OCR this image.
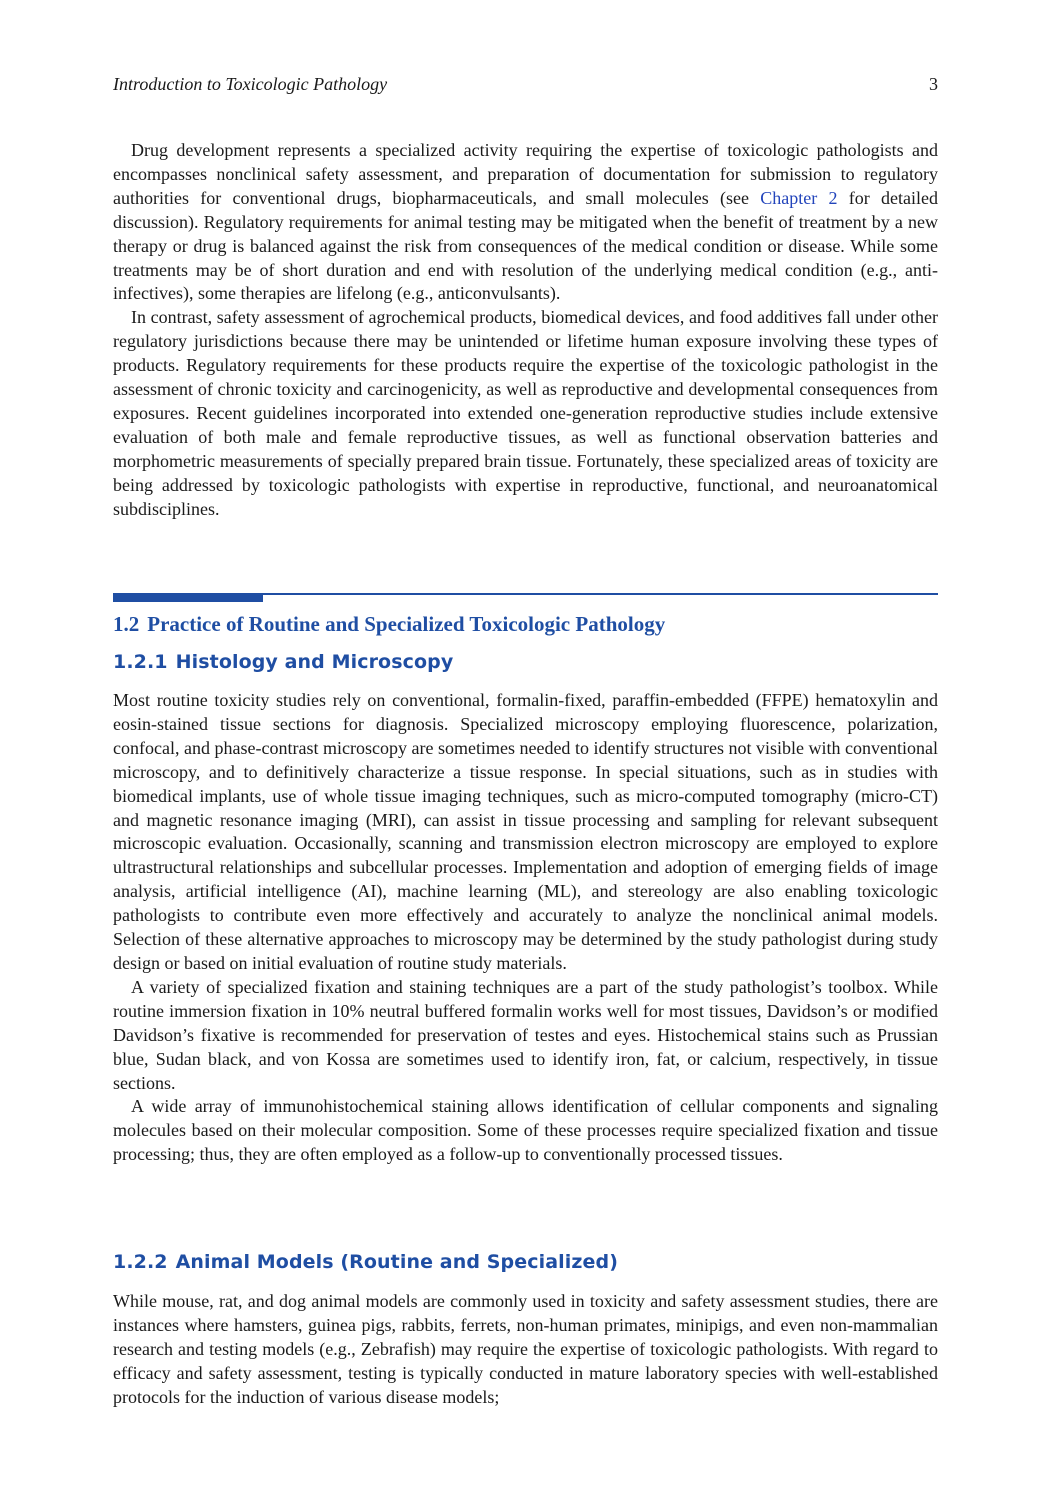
Introduction to Toxicologic Pathology	3

Drug development represents a specialized activity requiring the expertise of toxicologic pathologists and encompasses nonclinical safety assessment, and preparation of documentation for submission to regulatory authorities for conventional drugs, biopharmaceuticals, and small molecules (see Chapter 2 for detailed discussion). Regulatory requirements for animal testing may be mitigated when the benefit of treatment by a new therapy or drug is balanced against the risk from consequences of the medical condition or disease. While some treatments may be of short duration and end with resolution of the underlying medical condition (e.g., anti-infectives), some therapies are lifelong (e.g., anticonvulsants).

In contrast, safety assessment of agrochemical products, biomedical devices, and food additives fall under other regulatory jurisdictions because there may be unintended or lifetime human exposure involving these types of products. Regulatory requirements for these products require the expertise of the toxicologic pathologist in the assessment of chronic toxicity and carcinogenicity, as well as reproductive and developmental consequences from exposures. Recent guidelines incorporated into extended one-generation reproductive studies include extensive evaluation of both male and female reproductive tissues, as well as functional observation batteries and morphometric measurements of specially prepared brain tissue. Fortunately, these specialized areas of toxicity are being addressed by toxicologic pathologists with expertise in reproductive, functional, and neuroanatomical subdisciplines.

1.2 Practice of Routine and Specialized Toxicologic Pathology
1.2.1 Histology and Microscopy

Most routine toxicity studies rely on conventional, formalin-fixed, paraffin-embedded (FFPE) hematoxylin and eosin-stained tissue sections for diagnosis. Specialized microscopy employing fluorescence, polarization, confocal, and phase-contrast microscopy are sometimes needed to identify structures not visible with conventional microscopy, and to definitively characterize a tissue response. In special situations, such as in studies with biomedical implants, use of whole tissue imaging techniques, such as micro-computed tomography (micro-CT) and magnetic resonance imaging (MRI), can assist in tissue processing and sampling for relevant subsequent microscopic evaluation. Occasionally, scanning and transmission electron microscopy are employed to explore ultrastructural relationships and subcellular processes. Implementation and adoption of emerging fields of image analysis, artificial intelligence (AI), machine learning (ML), and stereology are also enabling toxicologic pathologists to contribute even more effectively and accurately to analyze the nonclinical animal models. Selection of these alternative approaches to microscopy may be determined by the study pathologist during study design or based on initial evaluation of routine study materials.

A variety of specialized fixation and staining techniques are a part of the study pathologist’s toolbox. While routine immersion fixation in 10% neutral buffered formalin works well for most tissues, Davidson’s or modified Davidson’s fixative is recommended for preservation of testes and eyes. Histochemical stains such as Prussian blue, Sudan black, and von Kossa are sometimes used to identify iron, fat, or calcium, respectively, in tissue sections.

A wide array of immunohistochemical staining allows identification of cellular components and signaling molecules based on their molecular composition. Some of these processes require specialized fixation and tissue processing; thus, they are often employed as a follow-up to conventionally processed tissues.

1.2.2 Animal Models (Routine and Specialized)

While mouse, rat, and dog animal models are commonly used in toxicity and safety assessment studies, there are instances where hamsters, guinea pigs, rabbits, ferrets, non-human primates, minipigs, and even non-mammalian research and testing models (e.g., Zebrafish) may require the expertise of toxicologic pathologists. With regard to efficacy and safety assessment, testing is typically conducted in mature laboratory species with well-established protocols for the induction of various disease models;
